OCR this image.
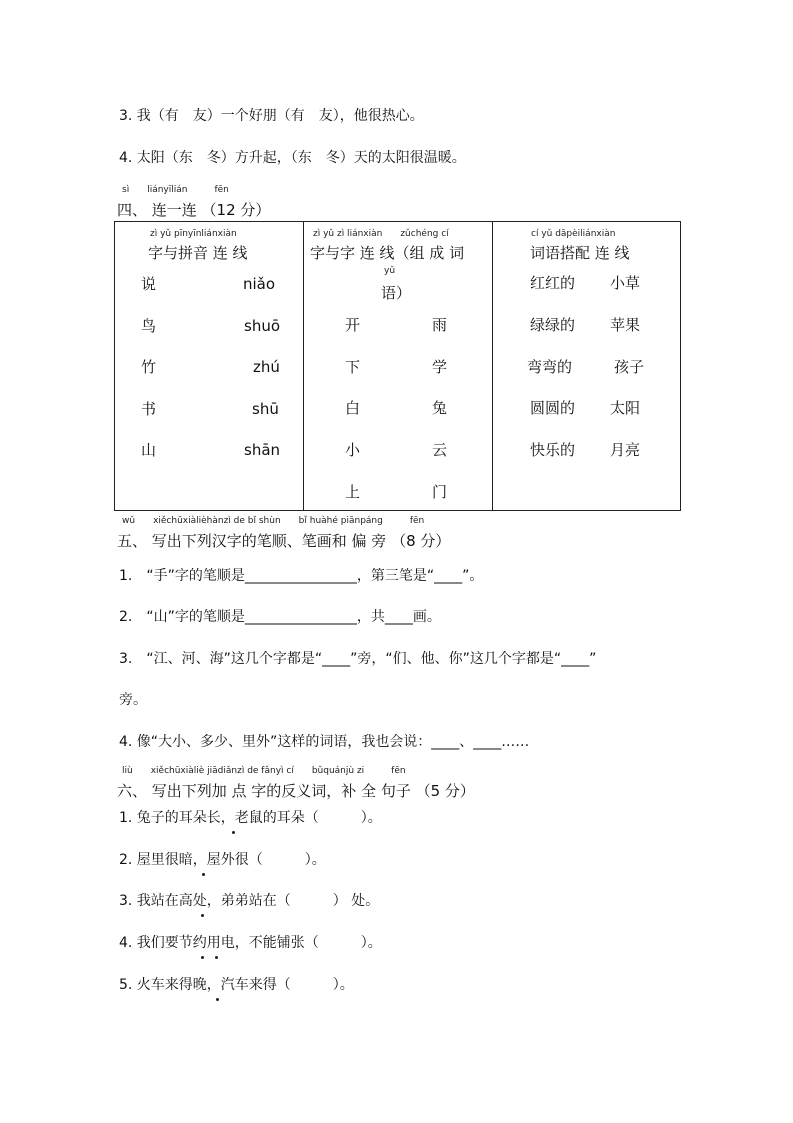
3. 我（有　友）一个好朋（有　友），他很热心。
4. 太阳（东　冬）方升起，（东　冬）天的太阳很温暖。
sì　　liányīlián　　　fēn
四、 连一连 （12 分）
zì yǔ pīnyīnliánxiàn
字与拼音 连 线
zì yǔ zì liánxiàn　　zǔchéng cí
字与字 连 线（组 成 词
yǔ
语）
cí yǔ dāpèiliánxiàn
词语搭配 连 线
说
鸟
竹
书
山
niǎo
shuō
zhú
shū
shān
开
下
白
小
上
雨
学
兔
云
门
红红的
绿绿的
弯弯的
圆圆的
快乐的
小草
苹果
孩子
太阳
月亮
wǔ　　xiěchūxiàlièhànzì de bǐ shùn　　bǐ huàhé piānpáng　　　fēn
五、 写出下列汉字的笔顺、笔画和 偏 旁 （8 分）
1.　“手”字的笔顺是________________，第三笔是“____”。
2.　“山”字的笔顺是________________，共____画。
3.　“江、河、海”这几个字都是“____”旁，“们、他、你”这几个字都是“____”
旁。
4. 像“大小、多少、里外”这样的词语，我也会说：____、____……
liù　　xiěchūxiàliè jiādiǎnzì de fǎnyì cí　　bǔquánjù zi　　　fēn
六、 写出下列加 点 字的反义词，补 全 句子 （5 分）
1. 兔子的耳朵长，老鼠的耳朵（　　　）。
2. 屋里很暗，屋外很（　　　）。
3. 我站在高处，弟弟站在（　　　） 处。
4. 我们要节约用电，不能铺张（　　　）。
5. 火车来得晚，汽车来得（　　　）。
